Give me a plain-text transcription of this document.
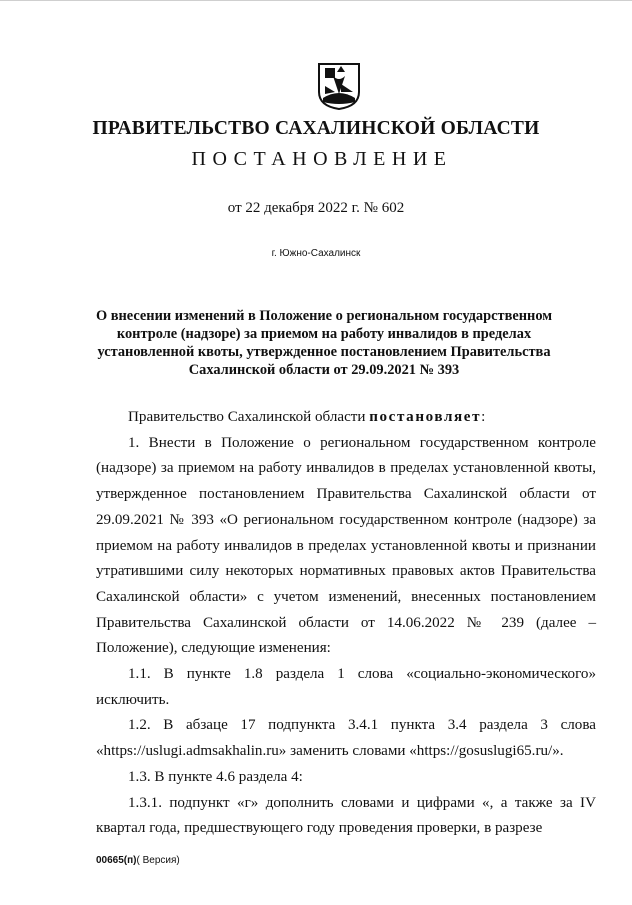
ПРАВИТЕЛЬСТВО САХАЛИНСКОЙ ОБЛАСТИ
ПОСТАНОВЛЕНИЕ
от 22 декабря 2022 г. № 602
г. Южно-Сахалинск
О внесении изменений в Положение о региональном государственном контроле (надзоре) за приемом на работу инвалидов в пределах установленной квоты, утвержденное постановлением Правительства Сахалинской области от 29.09.2021 № 393

Правительство Сахалинской области постановляет:

1. Внести в Положение о региональном государственном контроле (надзоре) за приемом на работу инвалидов в пределах установленной квоты, утвержденное постановлением Правительства Сахалинской области от 29.09.2021 № 393 «О региональном государственном контроле (надзоре) за приемом на работу инвалидов в пределах установленной квоты и признании утратившими силу некоторых нормативных правовых актов Правительства Сахалинской области» с учетом изменений, внесенных постановлением Правительства Сахалинской области от 14.06.2022 № 239 (далее – Положение), следующие изменения:

1.1. В пункте 1.8 раздела 1 слова «социально-экономического» исключить.

1.2. В абзаце 17 подпункта 3.4.1 пункта 3.4 раздела 3 слова «https://uslugi.admsakhalin.ru» заменить словами «https://gosuslugi65.ru/».

1.3. В пункте 4.6 раздела 4:

1.3.1. подпункт «г» дополнить словами и цифрами «, а также за IV квартал года, предшествующего году проведения проверки, в разрезе

00665(п)( Версия)
